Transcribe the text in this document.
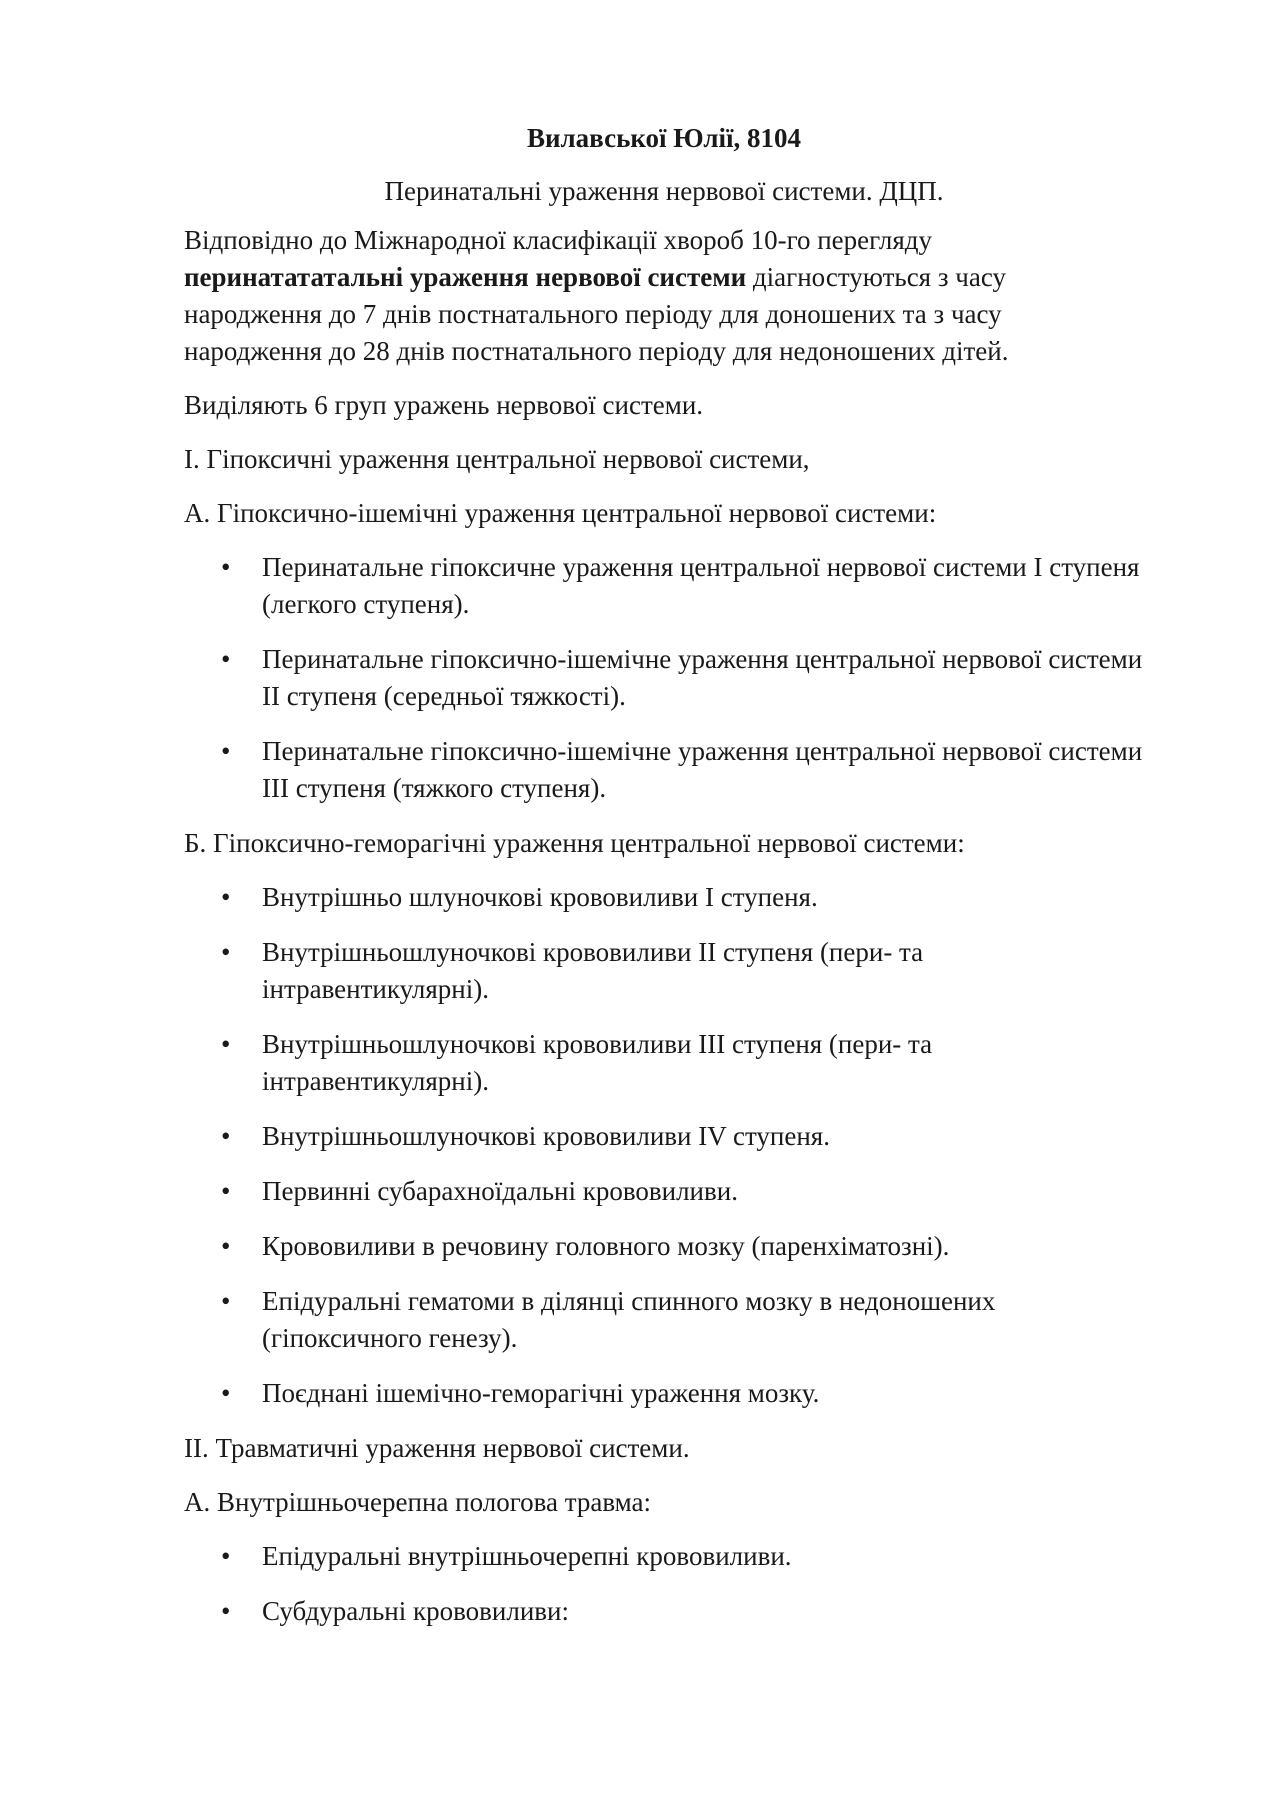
Вилавської Юлії, 8104
Перинатальні ураження нервової системи. ДЦП.

Відповідно до Міжнародної класифікації хвороб 10-го перегляду перинатататальні ураження нервової системи діагностуються з часу народження до 7 днів постнатального періоду для доношених та з часу народження до 28 днів постнатального періоду для недоношених дітей.

Виділяють 6 груп уражень нервової системи.

І. Гіпоксичні ураження центральної нервової системи,

А. Гіпоксично-ішемічні ураження центральної нервової системи:

• Перинатальне гіпоксичне ураження центральної нервової системи І ступеня (легкого ступеня).
• Перинатальне гіпоксично-ішемічне ураження центральної нервової системи ІІ ступеня (середньої тяжкості).
• Перинатальне гіпоксично-ішемічне ураження центральної нервової системи ІІІ ступеня (тяжкого ступеня).

Б. Гіпоксично-геморагічні ураження центральної нервової системи:

• Внутрішньо шлуночкові крововиливи І ступеня.
• Внутрішньошлуночкові крововиливи ІІ ступеня (пери- та інтравентикулярні).
• Внутрішньошлуночкові крововиливи ІІІ ступеня (пери- та інтравентикулярні).
• Внутрішньошлуночкові крововиливи IV ступеня.
• Первинні субарахноїдальні крововиливи.
• Крововиливи в речовину головного мозку (паренхіматозні).
• Епідуральні гематоми в ділянці спинного мозку в недоношених (гіпоксичного генезу).
• Поєднані ішемічно-геморагічні ураження мозку.

ІІ. Травматичні ураження нервової системи.

А. Внутрішньочерепна пологова травма:

• Епідуральні внутрішньочерепні крововиливи.
• Субдуральні крововиливи:
